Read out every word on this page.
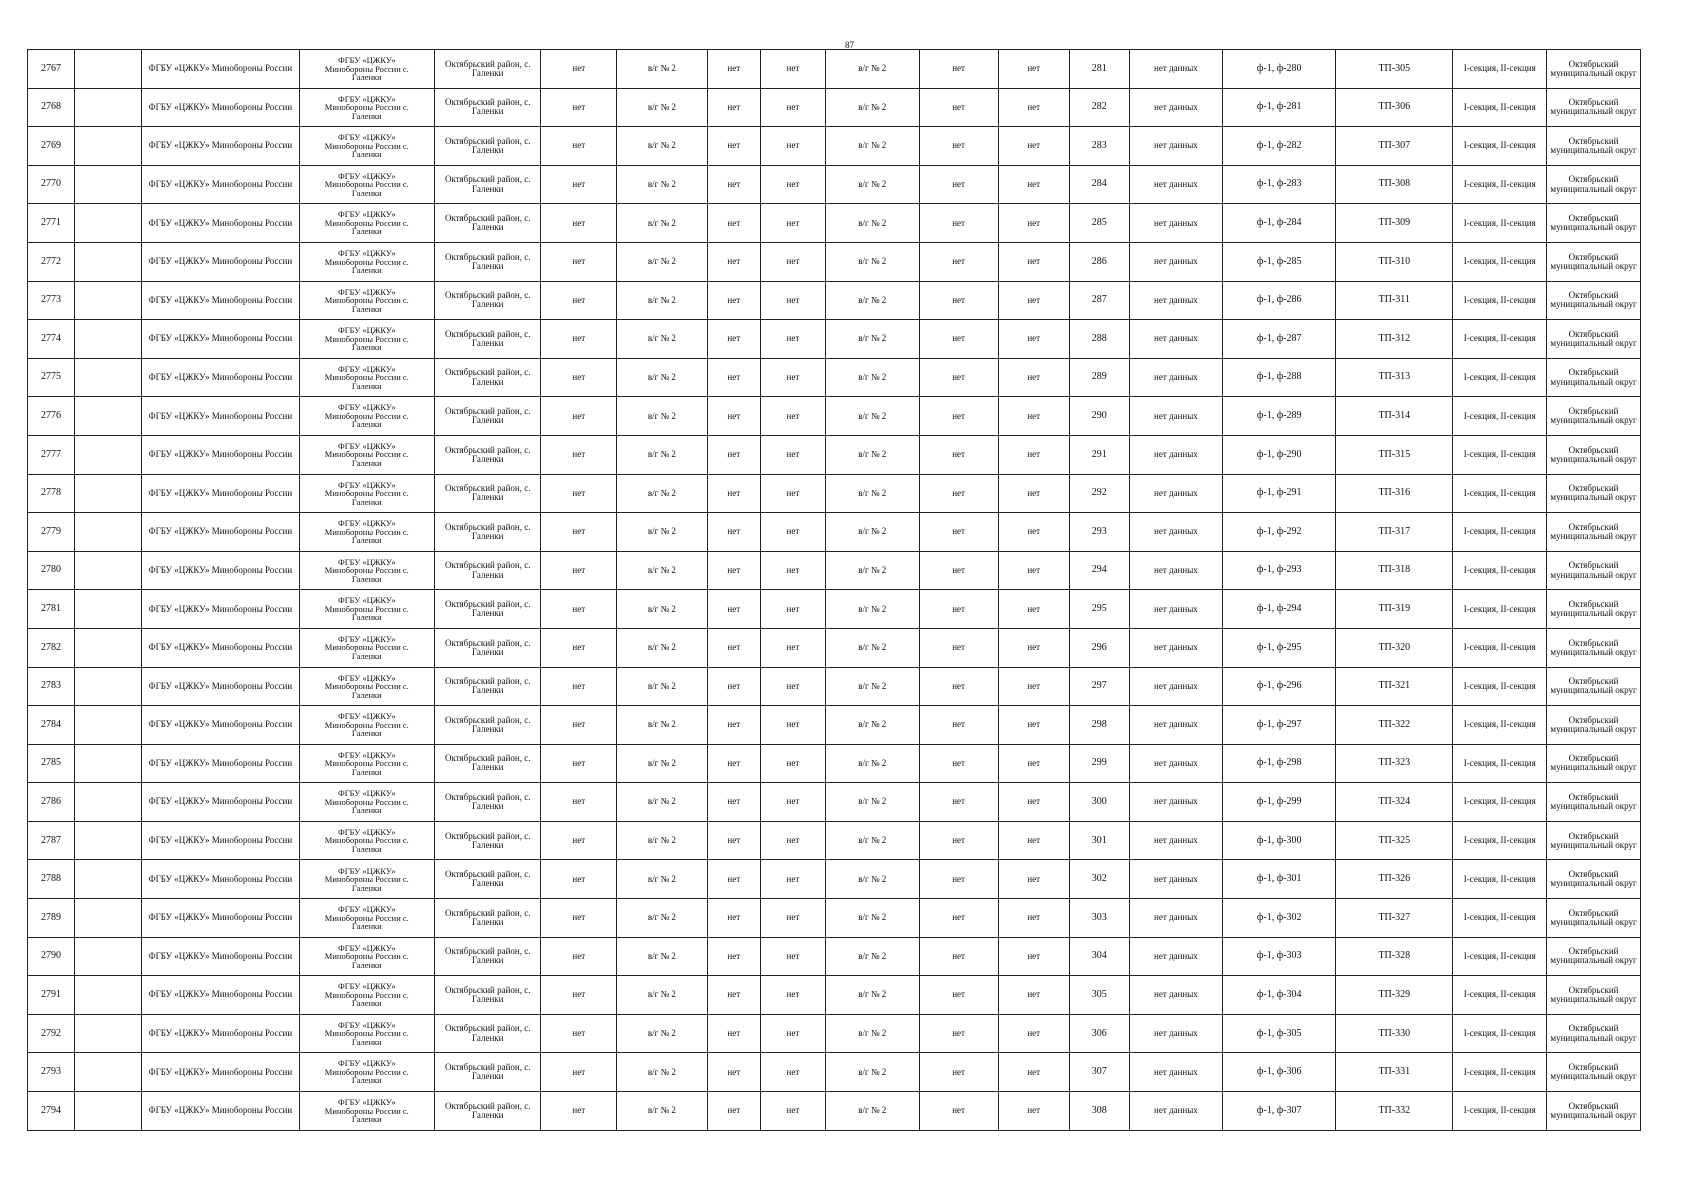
87
2767		ФГБУ «ЦЖКУ» Минобороны России	ФГБУ «ЦЖКУ»
Минобороны России с.
Галенки	Октябрьский район, с. Галенки	нет	в/г № 2	нет	нет	в/г № 2	нет	нет	281	нет данных	ф-1, ф-280	ТП-305	I-секция, II-секция	Октябрьский муниципальный округ
2768		ФГБУ «ЦЖКУ» Минобороны России	ФГБУ «ЦЖКУ»
Минобороны России с.
Галенки	Октябрьский район, с. Галенки	нет	в/г № 2	нет	нет	в/г № 2	нет	нет	282	нет данных	ф-1, ф-281	ТП-306	I-секция, II-секция	Октябрьский муниципальный округ
2769		ФГБУ «ЦЖКУ» Минобороны России	ФГБУ «ЦЖКУ»
Минобороны России с.
Галенки	Октябрьский район, с. Галенки	нет	в/г № 2	нет	нет	в/г № 2	нет	нет	283	нет данных	ф-1, ф-282	ТП-307	I-секция, II-секция	Октябрьский муниципальный округ
2770		ФГБУ «ЦЖКУ» Минобороны России	ФГБУ «ЦЖКУ»
Минобороны России с.
Галенки	Октябрьский район, с. Галенки	нет	в/г № 2	нет	нет	в/г № 2	нет	нет	284	нет данных	ф-1, ф-283	ТП-308	I-секция, II-секция	Октябрьский муниципальный округ
2771		ФГБУ «ЦЖКУ» Минобороны России	ФГБУ «ЦЖКУ»
Минобороны России с.
Галенки	Октябрьский район, с. Галенки	нет	в/г № 2	нет	нет	в/г № 2	нет	нет	285	нет данных	ф-1, ф-284	ТП-309	I-секция, II-секция	Октябрьский муниципальный округ
2772		ФГБУ «ЦЖКУ» Минобороны России	ФГБУ «ЦЖКУ»
Минобороны России с.
Галенки	Октябрьский район, с. Галенки	нет	в/г № 2	нет	нет	в/г № 2	нет	нет	286	нет данных	ф-1, ф-285	ТП-310	I-секция, II-секция	Октябрьский муниципальный округ
2773		ФГБУ «ЦЖКУ» Минобороны России	ФГБУ «ЦЖКУ»
Минобороны России с.
Галенки	Октябрьский район, с. Галенки	нет	в/г № 2	нет	нет	в/г № 2	нет	нет	287	нет данных	ф-1, ф-286	ТП-311	I-секция, II-секция	Октябрьский муниципальный округ
2774		ФГБУ «ЦЖКУ» Минобороны России	ФГБУ «ЦЖКУ»
Минобороны России с.
Галенки	Октябрьский район, с. Галенки	нет	в/г № 2	нет	нет	в/г № 2	нет	нет	288	нет данных	ф-1, ф-287	ТП-312	I-секция, II-секция	Октябрьский муниципальный округ
2775		ФГБУ «ЦЖКУ» Минобороны России	ФГБУ «ЦЖКУ»
Минобороны России с.
Галенки	Октябрьский район, с. Галенки	нет	в/г № 2	нет	нет	в/г № 2	нет	нет	289	нет данных	ф-1, ф-288	ТП-313	I-секция, II-секция	Октябрьский муниципальный округ
2776		ФГБУ «ЦЖКУ» Минобороны России	ФГБУ «ЦЖКУ»
Минобороны России с.
Галенки	Октябрьский район, с. Галенки	нет	в/г № 2	нет	нет	в/г № 2	нет	нет	290	нет данных	ф-1, ф-289	ТП-314	I-секция, II-секция	Октябрьский муниципальный округ
2777		ФГБУ «ЦЖКУ» Минобороны России	ФГБУ «ЦЖКУ»
Минобороны России с.
Галенки	Октябрьский район, с. Галенки	нет	в/г № 2	нет	нет	в/г № 2	нет	нет	291	нет данных	ф-1, ф-290	ТП-315	I-секция, II-секция	Октябрьский муниципальный округ
2778		ФГБУ «ЦЖКУ» Минобороны России	ФГБУ «ЦЖКУ»
Минобороны России с.
Галенки	Октябрьский район, с. Галенки	нет	в/г № 2	нет	нет	в/г № 2	нет	нет	292	нет данных	ф-1, ф-291	ТП-316	I-секция, II-секция	Октябрьский муниципальный округ
2779		ФГБУ «ЦЖКУ» Минобороны России	ФГБУ «ЦЖКУ»
Минобороны России с.
Галенки	Октябрьский район, с. Галенки	нет	в/г № 2	нет	нет	в/г № 2	нет	нет	293	нет данных	ф-1, ф-292	ТП-317	I-секция, II-секция	Октябрьский муниципальный округ
2780		ФГБУ «ЦЖКУ» Минобороны России	ФГБУ «ЦЖКУ»
Минобороны России с.
Галенки	Октябрьский район, с. Галенки	нет	в/г № 2	нет	нет	в/г № 2	нет	нет	294	нет данных	ф-1, ф-293	ТП-318	I-секция, II-секция	Октябрьский муниципальный округ
2781		ФГБУ «ЦЖКУ» Минобороны России	ФГБУ «ЦЖКУ»
Минобороны России с.
Галенки	Октябрьский район, с. Галенки	нет	в/г № 2	нет	нет	в/г № 2	нет	нет	295	нет данных	ф-1, ф-294	ТП-319	I-секция, II-секция	Октябрьский муниципальный округ
2782		ФГБУ «ЦЖКУ» Минобороны России	ФГБУ «ЦЖКУ»
Минобороны России с.
Галенки	Октябрьский район, с. Галенки	нет	в/г № 2	нет	нет	в/г № 2	нет	нет	296	нет данных	ф-1, ф-295	ТП-320	I-секция, II-секция	Октябрьский муниципальный округ
2783		ФГБУ «ЦЖКУ» Минобороны России	ФГБУ «ЦЖКУ»
Минобороны России с.
Галенки	Октябрьский район, с. Галенки	нет	в/г № 2	нет	нет	в/г № 2	нет	нет	297	нет данных	ф-1, ф-296	ТП-321	I-секция, II-секция	Октябрьский муниципальный округ
2784		ФГБУ «ЦЖКУ» Минобороны России	ФГБУ «ЦЖКУ»
Минобороны России с.
Галенки	Октябрьский район, с. Галенки	нет	в/г № 2	нет	нет	в/г № 2	нет	нет	298	нет данных	ф-1, ф-297	ТП-322	I-секция, II-секция	Октябрьский муниципальный округ
2785		ФГБУ «ЦЖКУ» Минобороны России	ФГБУ «ЦЖКУ»
Минобороны России с.
Галенки	Октябрьский район, с. Галенки	нет	в/г № 2	нет	нет	в/г № 2	нет	нет	299	нет данных	ф-1, ф-298	ТП-323	I-секция, II-секция	Октябрьский муниципальный округ
2786		ФГБУ «ЦЖКУ» Минобороны России	ФГБУ «ЦЖКУ»
Минобороны России с.
Галенки	Октябрьский район, с. Галенки	нет	в/г № 2	нет	нет	в/г № 2	нет	нет	300	нет данных	ф-1, ф-299	ТП-324	I-секция, II-секция	Октябрьский муниципальный округ
2787		ФГБУ «ЦЖКУ» Минобороны России	ФГБУ «ЦЖКУ»
Минобороны России с.
Галенки	Октябрьский район, с. Галенки	нет	в/г № 2	нет	нет	в/г № 2	нет	нет	301	нет данных	ф-1, ф-300	ТП-325	I-секция, II-секция	Октябрьский муниципальный округ
2788		ФГБУ «ЦЖКУ» Минобороны России	ФГБУ «ЦЖКУ»
Минобороны России с.
Галенки	Октябрьский район, с. Галенки	нет	в/г № 2	нет	нет	в/г № 2	нет	нет	302	нет данных	ф-1, ф-301	ТП-326	I-секция, II-секция	Октябрьский муниципальный округ
2789		ФГБУ «ЦЖКУ» Минобороны России	ФГБУ «ЦЖКУ»
Минобороны России с.
Галенки	Октябрьский район, с. Галенки	нет	в/г № 2	нет	нет	в/г № 2	нет	нет	303	нет данных	ф-1, ф-302	ТП-327	I-секция, II-секция	Октябрьский муниципальный округ
2790		ФГБУ «ЦЖКУ» Минобороны России	ФГБУ «ЦЖКУ»
Минобороны России с.
Галенки	Октябрьский район, с. Галенки	нет	в/г № 2	нет	нет	в/г № 2	нет	нет	304	нет данных	ф-1, ф-303	ТП-328	I-секция, II-секция	Октябрьский муниципальный округ
2791		ФГБУ «ЦЖКУ» Минобороны России	ФГБУ «ЦЖКУ»
Минобороны России с.
Галенки	Октябрьский район, с. Галенки	нет	в/г № 2	нет	нет	в/г № 2	нет	нет	305	нет данных	ф-1, ф-304	ТП-329	I-секция, II-секция	Октябрьский муниципальный округ
2792		ФГБУ «ЦЖКУ» Минобороны России	ФГБУ «ЦЖКУ»
Минобороны России с.
Галенки	Октябрьский район, с. Галенки	нет	в/г № 2	нет	нет	в/г № 2	нет	нет	306	нет данных	ф-1, ф-305	ТП-330	I-секция, II-секция	Октябрьский муниципальный округ
2793		ФГБУ «ЦЖКУ» Минобороны России	ФГБУ «ЦЖКУ»
Минобороны России с.
Галенки	Октябрьский район, с. Галенки	нет	в/г № 2	нет	нет	в/г № 2	нет	нет	307	нет данных	ф-1, ф-306	ТП-331	I-секция, II-секция	Октябрьский муниципальный округ
2794		ФГБУ «ЦЖКУ» Минобороны России	ФГБУ «ЦЖКУ»
Минобороны России с.
Галенки	Октябрьский район, с. Галенки	нет	в/г № 2	нет	нет	в/г № 2	нет	нет	308	нет данных	ф-1, ф-307	ТП-332	I-секция, II-секция	Октябрьский муниципальный округ
